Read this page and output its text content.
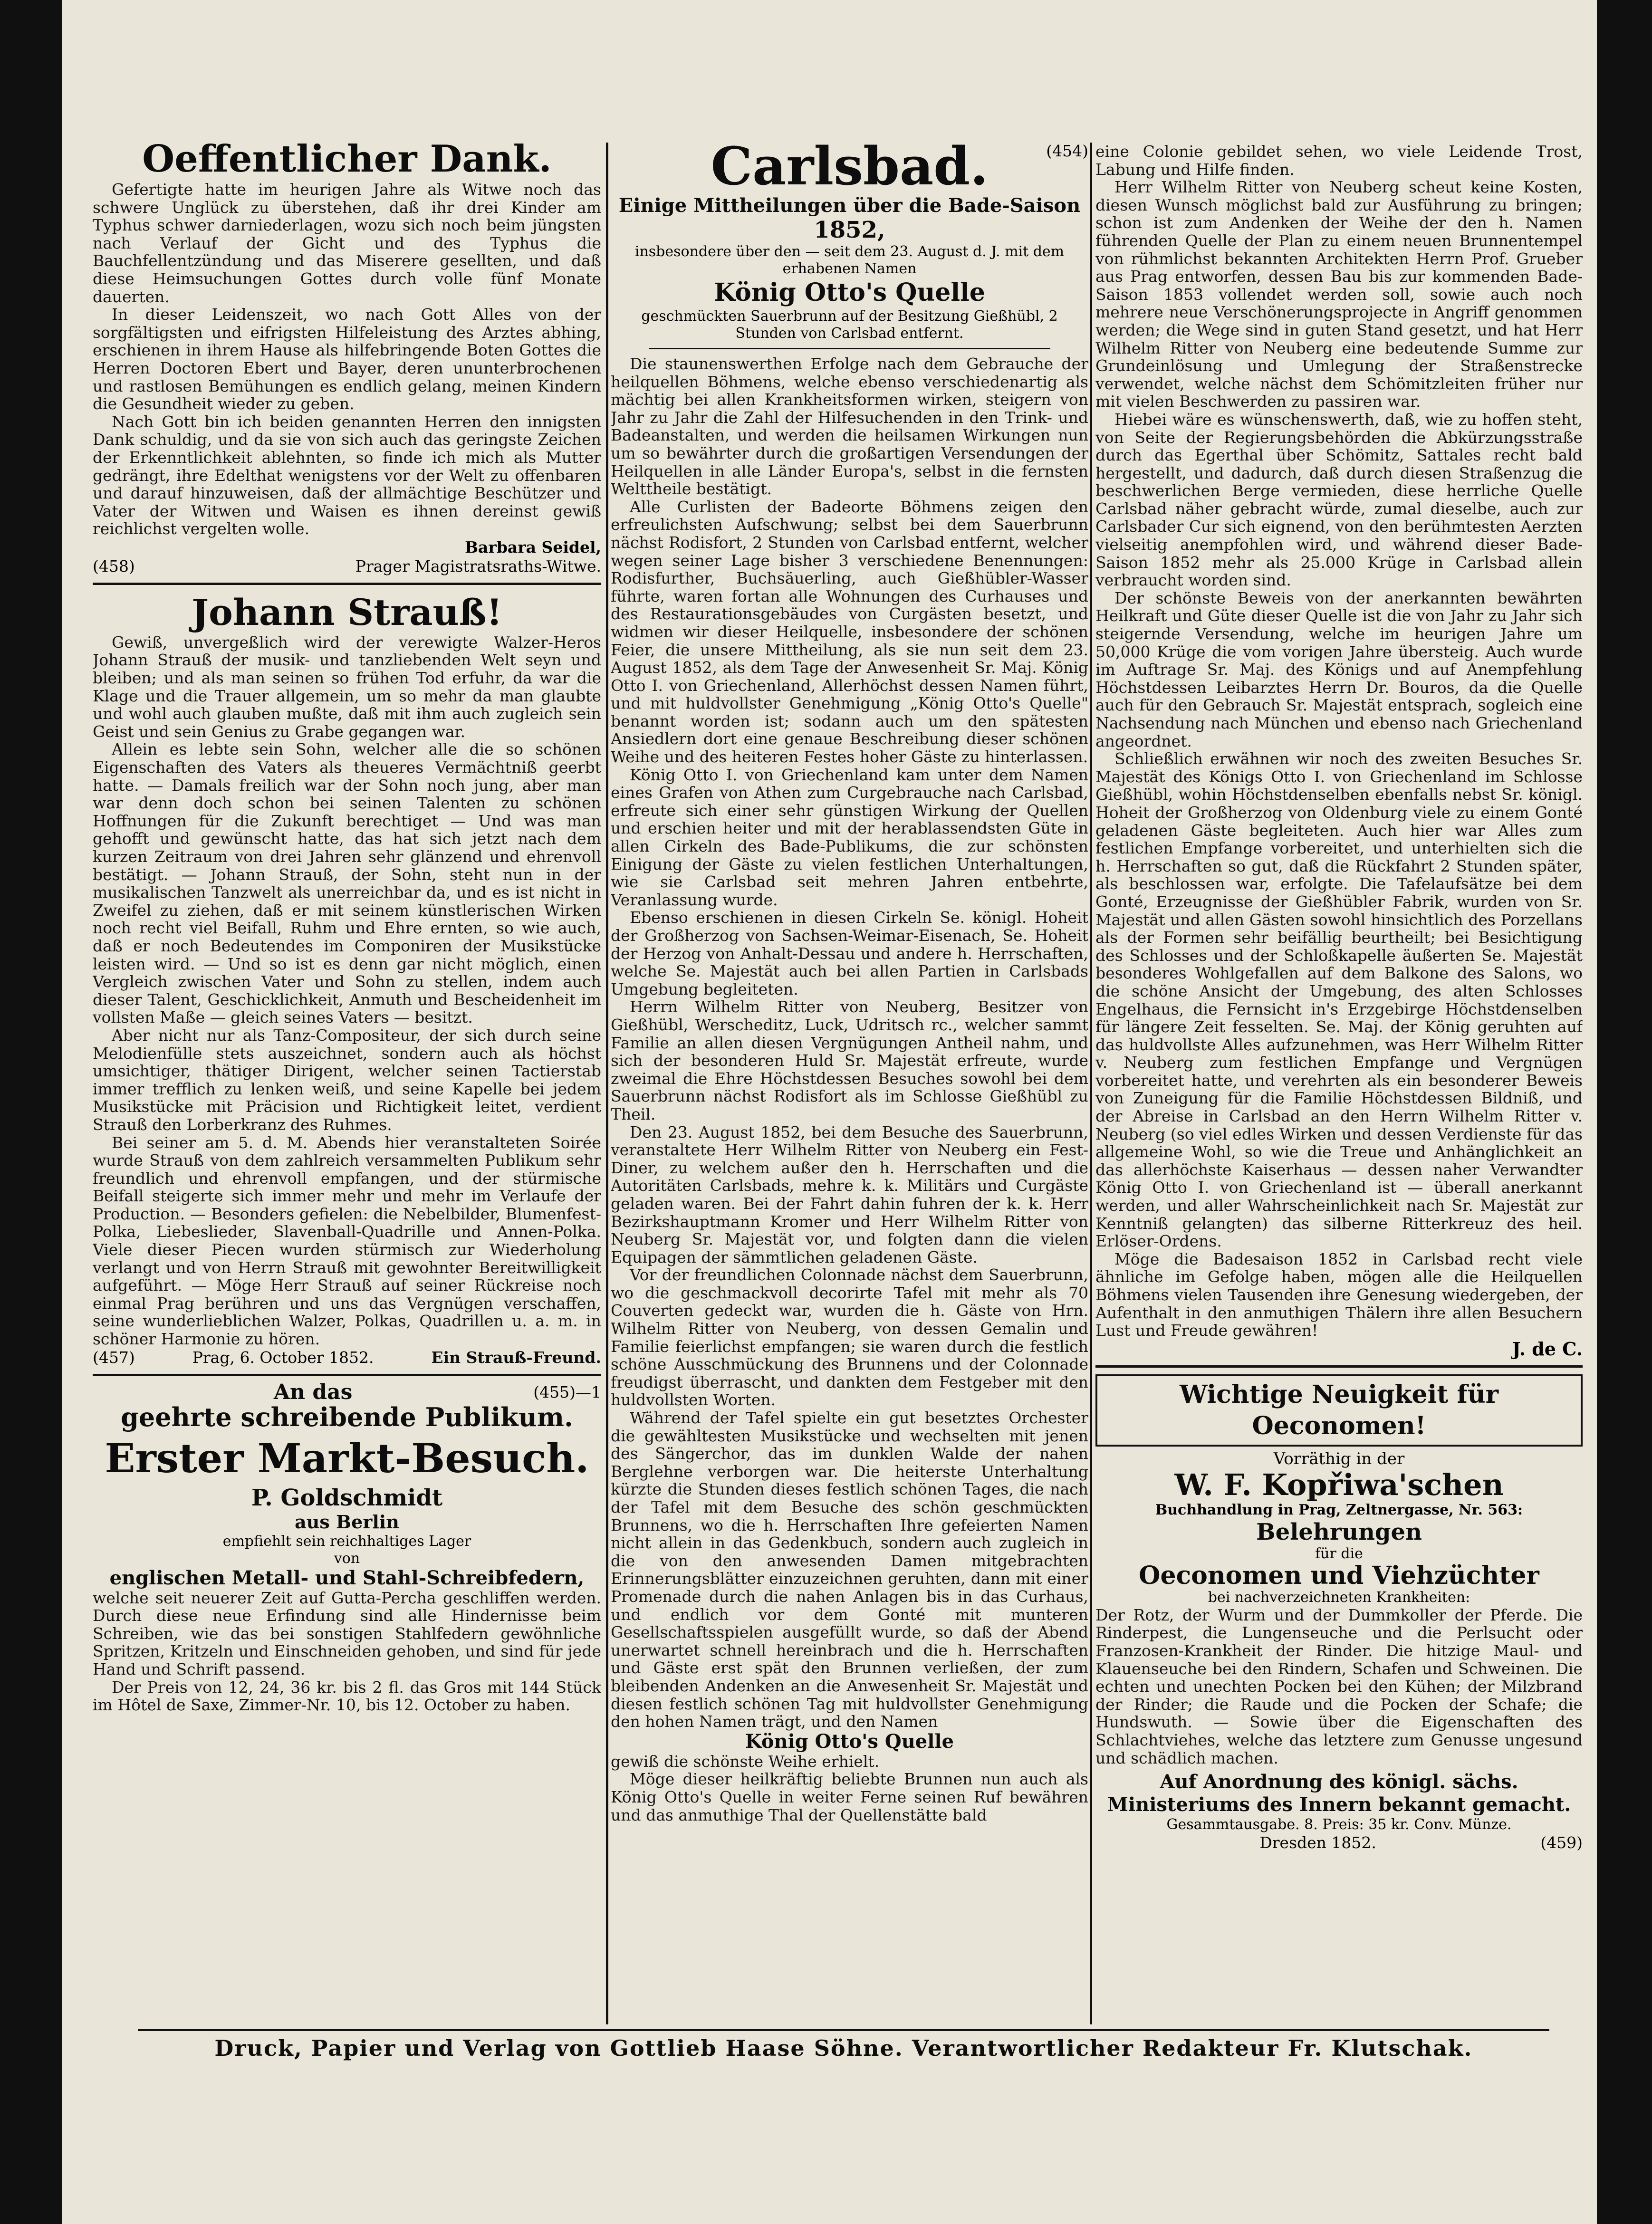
Oeffentlicher Dank.

Gefertigte hatte im heurigen Jahre als Witwe noch das schwere Unglück zu überstehen, daß ihr drei Kinder am Typhus schwer darniederlagen, wozu sich noch beim jüngsten nach Verlauf der Gicht und des Typhus die Bauchfellentzündung und das Miserere gesellten, und daß diese Heimsuchungen Gottes durch volle fünf Monate dauerten.

In dieser Leidenszeit, wo nach Gott Alles von der sorgfältigsten und eifrigsten Hilfeleistung des Arztes abhing, erschienen in ihrem Hause als hilfebringende Boten Gottes die Herren Doctoren Ebert und Bayer, deren ununterbrochenen und rastlosen Bemühungen es endlich gelang, meinen Kindern die Gesundheit wieder zu geben.

Nach Gott bin ich beiden genannten Herren den innigsten Dank schuldig, und da sie von sich auch das geringste Zeichen der Erkenntlichkeit ablehnten, so finde ich mich als Mutter gedrängt, ihre Edelthat wenigstens vor der Welt zu offenbaren und darauf hinzuweisen, daß der allmächtige Beschützer und Vater der Witwen und Waisen es ihnen dereinst gewiß reichlichst vergelten wolle.

Barbara Seidel,
(458)	Prager Magistratsraths-Witwe.
Johann Strauß!

Gewiß, unvergeßlich wird der verewigte Walzer-Heros Johann Strauß der musik- und tanzliebenden Welt seyn und bleiben; und als man seinen so frühen Tod erfuhr, da war die Klage und die Trauer allgemein, um so mehr da man glaubte und wohl auch glauben mußte, daß mit ihm auch zugleich sein Geist und sein Genius zu Grabe gegangen war.

Allein es lebte sein Sohn, welcher alle die so schönen Eigenschaften des Vaters als theueres Vermächtniß geerbt hatte. — Damals freilich war der Sohn noch jung, aber man war denn doch schon bei seinen Talenten zu schönen Hoffnungen für die Zukunft berechtiget — Und was man gehofft und gewünscht hatte, das hat sich jetzt nach dem kurzen Zeitraum von drei Jahren sehr glänzend und ehrenvoll bestätigt. — Johann Strauß, der Sohn, steht nun in der musikalischen Tanzwelt als unerreichbar da, und es ist nicht in Zweifel zu ziehen, daß er mit seinem künstlerischen Wirken noch recht viel Beifall, Ruhm und Ehre ernten, so wie auch, daß er noch Bedeutendes im Componiren der Musikstücke leisten wird. — Und so ist es denn gar nicht möglich, einen Vergleich zwischen Vater und Sohn zu stellen, indem auch dieser Talent, Geschicklichkeit, Anmuth und Bescheidenheit im vollsten Maße — gleich seines Vaters — besitzt.

Aber nicht nur als Tanz-Compositeur, der sich durch seine Melodienfülle stets auszeichnet, sondern auch als höchst umsichtiger, thätiger Dirigent, welcher seinen Tactierstab immer trefflich zu lenken weiß, und seine Kapelle bei jedem Musikstücke mit Präcision und Richtigkeit leitet, verdient Strauß den Lorberkranz des Ruhmes.

Bei seiner am 5. d. M. Abends hier veranstalteten Soirée wurde Strauß von dem zahlreich versammelten Publikum sehr freundlich und ehrenvoll empfangen, und der stürmische Beifall steigerte sich immer mehr und mehr im Verlaufe der Production. — Besonders gefielen: die Nebelbilder, Blumenfest-Polka, Liebeslieder, Slavenball-Quadrille und Annen-Polka. Viele dieser Piecen wurden stürmisch zur Wiederholung verlangt und von Herrn Strauß mit gewohnter Bereitwilligkeit aufgeführt. — Möge Herr Strauß auf seiner Rückreise noch einmal Prag berühren und uns das Vergnügen verschaffen, seine wunderlieblichen Walzer, Polkas, Quadrillen u. a. m. in schöner Harmonie zu hören.

(457)	Prag, 6. October 1852.	Ein Strauß-Freund.
An das	(455)—1
geehrte schreibende Publikum.
Erster Markt-Besuch.
P. Goldschmidt
aus Berlin
empfiehlt sein reichhaltiges Lager
von
englischen Metall- und Stahl-Schreibfedern,

welche seit neuerer Zeit auf Gutta-Percha geschliffen werden. Durch diese neue Erfindung sind alle Hindernisse beim Schreiben, wie das bei sonstigen Stahlfedern gewöhnliche Spritzen, Kritzeln und Einschneiden gehoben, und sind für jede Hand und Schrift passend.

Der Preis von 12, 24, 36 kr. bis 2 fl. das Gros mit 144 Stück im Hôtel de Saxe, Zimmer-Nr. 10, bis 12. October zu haben.

Carlsbad.	(454)
Einige Mittheilungen über die Bade-Saison
1852,
insbesondere über den — seit dem 23. August d. J. mit dem erhabenen Namen
König Otto's Quelle
geschmückten Sauerbrunn auf der Besitzung Gießhübl, 2 Stunden von Carlsbad entfernt.

Die staunenswerthen Erfolge nach dem Gebrauche der heilquellen Böhmens, welche ebenso verschiedenartig als mächtig bei allen Krankheitsformen wirken, steigern von Jahr zu Jahr die Zahl der Hilfesuchenden in den Trink- und Badeanstalten, und werden die heilsamen Wirkungen nun um so bewährter durch die großartigen Versendungen der Heilquellen in alle Länder Europa's, selbst in die fernsten Welttheile bestätigt.

Alle Curlisten der Badeorte Böhmens zeigen den erfreulichsten Aufschwung; selbst bei dem Sauerbrunn nächst Rodisfort, 2 Stunden von Carlsbad entfernt, welcher wegen seiner Lage bisher 3 verschiedene Benennungen: Rodisfurther, Buchsäuerling, auch Gießhübler-Wasser führte, waren fortan alle Wohnungen des Curhauses und des Restaurationsgebäudes von Curgästen besetzt, und widmen wir dieser Heilquelle, insbesondere der schönen Feier, die unsere Mittheilung, als sie nun seit dem 23. August 1852, als dem Tage der Anwesenheit Sr. Maj. König Otto I. von Griechenland, Allerhöchst dessen Namen führt, und mit huldvollster Genehmigung „König Otto's Quelle" benannt worden ist; sodann auch um den spätesten Ansiedlern dort eine genaue Beschreibung dieser schönen Weihe und des heiteren Festes hoher Gäste zu hinterlassen.

König Otto I. von Griechenland kam unter dem Namen eines Grafen von Athen zum Curgebrauche nach Carlsbad, erfreute sich einer sehr günstigen Wirkung der Quellen und erschien heiter und mit der herablassendsten Güte in allen Cirkeln des Bade-Publikums, die zur schönsten Einigung der Gäste zu vielen festlichen Unterhaltungen, wie sie Carlsbad seit mehren Jahren entbehrte, Veranlassung wurde.

Ebenso erschienen in diesen Cirkeln Se. königl. Hoheit der Großherzog von Sachsen-Weimar-Eisenach, Se. Hoheit der Herzog von Anhalt-Dessau und andere h. Herrschaften, welche Se. Majestät auch bei allen Partien in Carlsbads Umgebung begleiteten.

Herrn Wilhelm Ritter von Neuberg, Besitzer von Gießhübl, Werscheditz, Luck, Udritsch rc., welcher sammt Familie an allen diesen Vergnügungen Antheil nahm, und sich der besonderen Huld Sr. Majestät erfreute, wurde zweimal die Ehre Höchstdessen Besuches sowohl bei dem Sauerbrunn nächst Rodisfort als im Schlosse Gießhübl zu Theil.

Den 23. August 1852, bei dem Besuche des Sauerbrunn, veranstaltete Herr Wilhelm Ritter von Neuberg ein Fest-Diner, zu welchem außer den h. Herrschaften und die Autoritäten Carlsbads, mehre k. k. Militärs und Curgäste geladen waren. Bei der Fahrt dahin fuhren der k. k. Herr Bezirkshauptmann Kromer und Herr Wilhelm Ritter von Neuberg Sr. Majestät vor, und folgten dann die vielen Equipagen der sämmtlichen geladenen Gäste.

Vor der freundlichen Colonnade nächst dem Sauerbrunn, wo die geschmackvoll decorirte Tafel mit mehr als 70 Couverten gedeckt war, wurden die h. Gäste von Hrn. Wilhelm Ritter von Neuberg, von dessen Gemalin und Familie feierlichst empfangen; sie waren durch die festlich schöne Ausschmückung des Brunnens und der Colonnade freudigst überrascht, und dankten dem Festgeber mit den huldvollsten Worten.

Während der Tafel spielte ein gut besetztes Orchester die gewähltesten Musikstücke und wechselten mit jenen des Sängerchor, das im dunklen Walde der nahen Berglehne verborgen war. Die heiterste Unterhaltung kürzte die Stunden dieses festlich schönen Tages, die nach der Tafel mit dem Besuche des schön geschmückten Brunnens, wo die h. Herrschaften Ihre gefeierten Namen nicht allein in das Gedenkbuch, sondern auch zugleich in die von den anwesenden Damen mitgebrachten Erinnerungsblätter einzuzeichnen geruhten, dann mit einer Promenade durch die nahen Anlagen bis in das Curhaus, und endlich vor dem Gonté mit munteren Gesellschaftsspielen ausgefüllt wurde, so daß der Abend unerwartet schnell hereinbrach und die h. Herrschaften und Gäste erst spät den Brunnen verließen, der zum bleibenden Andenken an die Anwesenheit Sr. Majestät und diesen festlich schönen Tag mit huldvollster Genehmigung den hohen Namen trägt, und den Namen

König Otto's Quelle

gewiß die schönste Weihe erhielt.

Möge dieser heilkräftig beliebte Brunnen nun auch als König Otto's Quelle in weiter Ferne seinen Ruf bewähren und das anmuthige Thal der Quellenstätte bald

eine Colonie gebildet sehen, wo viele Leidende Trost, Labung und Hilfe finden.

Herr Wilhelm Ritter von Neuberg scheut keine Kosten, diesen Wunsch möglichst bald zur Ausführung zu bringen; schon ist zum Andenken der Weihe der den h. Namen führenden Quelle der Plan zu einem neuen Brunnentempel von rühmlichst bekannten Architekten Herrn Prof. Grueber aus Prag entworfen, dessen Bau bis zur kommenden Bade-Saison 1853 vollendet werden soll, sowie auch noch mehrere neue Verschönerungsprojecte in Angriff genommen werden; die Wege sind in guten Stand gesetzt, und hat Herr Wilhelm Ritter von Neuberg eine bedeutende Summe zur Grundeinlösung und Umlegung der Straßenstrecke verwendet, welche nächst dem Schömitzleiten früher nur mit vielen Beschwerden zu passiren war.

Hiebei wäre es wünschenswerth, daß, wie zu hoffen steht, von Seite der Regierungsbehörden die Abkürzungsstraße durch das Egerthal über Schömitz, Sattales recht bald hergestellt, und dadurch, daß durch diesen Straßenzug die beschwerlichen Berge vermieden, diese herrliche Quelle Carlsbad näher gebracht würde, zumal dieselbe, auch zur Carlsbader Cur sich eignend, von den berühmtesten Aerzten vielseitig anempfohlen wird, und während dieser Bade-Saison 1852 mehr als 25.000 Krüge in Carlsbad allein verbraucht worden sind.

Der schönste Beweis von der anerkannten bewährten Heilkraft und Güte dieser Quelle ist die von Jahr zu Jahr sich steigernde Versendung, welche im heurigen Jahre um 50,000 Krüge die vom vorigen Jahre übersteig. Auch wurde im Auftrage Sr. Maj. des Königs und auf Anempfehlung Höchstdessen Leibarztes Herrn Dr. Bouros, da die Quelle auch für den Gebrauch Sr. Majestät entsprach, sogleich eine Nachsendung nach München und ebenso nach Griechenland angeordnet.

Schließlich erwähnen wir noch des zweiten Besuches Sr. Majestät des Königs Otto I. von Griechenland im Schlosse Gießhübl, wohin Höchstdenselben ebenfalls nebst Sr. königl. Hoheit der Großherzog von Oldenburg viele zu einem Gonté geladenen Gäste begleiteten. Auch hier war Alles zum festlichen Empfange vorbereitet, und unterhielten sich die h. Herrschaften so gut, daß die Rückfahrt 2 Stunden später, als beschlossen war, erfolgte. Die Tafelaufsätze bei dem Gonté, Erzeugnisse der Gießhübler Fabrik, wurden von Sr. Majestät und allen Gästen sowohl hinsichtlich des Porzellans als der Formen sehr beifällig beurtheilt; bei Besichtigung des Schlosses und der Schloßkapelle äußerten Se. Majestät besonderes Wohlgefallen auf dem Balkone des Salons, wo die schöne Ansicht der Umgebung, des alten Schlosses Engelhaus, die Fernsicht in's Erzgebirge Höchstdenselben für längere Zeit fesselten. Se. Maj. der König geruhten auf das huldvollste Alles aufzunehmen, was Herr Wilhelm Ritter v. Neuberg zum festlichen Empfange und Vergnügen vorbereitet hatte, und verehrten als ein besonderer Beweis von Zuneigung für die Familie Höchstdessen Bildniß, und der Abreise in Carlsbad an den Herrn Wilhelm Ritter v. Neuberg (so viel edles Wirken und dessen Verdienste für das allgemeine Wohl, so wie die Treue und Anhänglichkeit an das allerhöchste Kaiserhaus — dessen naher Verwandter König Otto I. von Griechenland ist — überall anerkannt werden, und aller Wahrscheinlichkeit nach Sr. Majestät zur Kenntniß gelangten) das silberne Ritterkreuz des heil. Erlöser-Ordens.

Möge die Badesaison 1852 in Carlsbad recht viele ähnliche im Gefolge haben, mögen alle die Heilquellen Böhmens vielen Tausenden ihre Genesung wiedergeben, der Aufenthalt in den anmuthigen Thälern ihre allen Besuchern Lust und Freude gewähren!

J. de C.
Wichtige Neuigkeit für Oeconomen!
Vorräthig in der
W. F. Kopřiwa'schen
Buchhandlung in Prag, Zeltnergasse, Nr. 563:
Belehrungen
für die
Oeconomen und Viehzüchter
bei nachverzeichneten Krankheiten:

Der Rotz, der Wurm und der Dummkoller der Pferde. Die Rinderpest, die Lungenseuche und die Perlsucht oder Franzosen-Krankheit der Rinder. Die hitzige Maul- und Klauenseuche bei den Rindern, Schafen und Schweinen. Die echten und unechten Pocken bei den Kühen; der Milzbrand der Rinder; die Raude und die Pocken der Schafe; die Hundswuth. — Sowie über die Eigenschaften des Schlachtviehes, welche das letztere zum Genusse ungesund und schädlich machen.

Auf Anordnung des königl. sächs. Ministeriums des Innern bekannt gemacht.
Gesammtausgabe. 8. Preis: 35 kr. Conv. Münze.
Dresden 1852.	(459)
Druck, Papier und Verlag von Gottlieb Haase Söhne. Verantwortlicher Redakteur Fr. Klutschak.
